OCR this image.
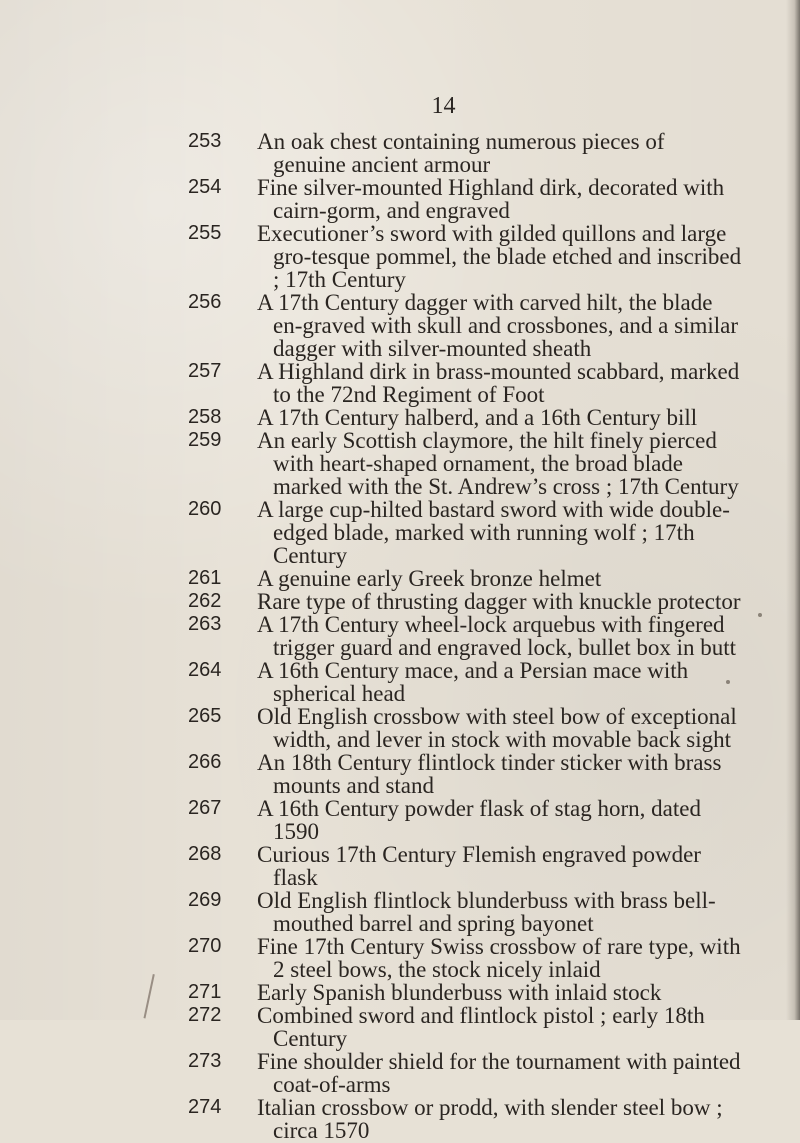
14
253	An oak chest containing numerous pieces of genuine ancient armour
254	Fine silver-mounted Highland dirk, decorated with cairn-gorm, and engraved
255	Executioner’s sword with gilded quillons and large gro-tesque pommel, the blade etched and inscribed ; 17th Century
256	A 17th Century dagger with carved hilt, the blade en-graved with skull and crossbones, and a similar dagger with silver-mounted sheath
257	A Highland dirk in brass-mounted scabbard, marked to the 72nd Regiment of Foot
258	A 17th Century halberd, and a 16th Century bill
259	An early Scottish claymore, the hilt finely pierced with heart-shaped ornament, the broad blade marked with the St. Andrew’s cross ; 17th Century
260	A large cup-hilted bastard sword with wide double-edged blade, marked with running wolf ; 17th Century
261	A genuine early Greek bronze helmet
262	Rare type of thrusting dagger with knuckle protector
263	A 17th Century wheel-lock arquebus with fingered trigger guard and engraved lock, bullet box in butt
264	A 16th Century mace, and a Persian mace with spherical head
265	Old English crossbow with steel bow of exceptional width, and lever in stock with movable back sight
266	An 18th Century flintlock tinder sticker with brass mounts and stand
267	A 16th Century powder flask of stag horn, dated 1590
268	Curious 17th Century Flemish engraved powder flask
269	Old English flintlock blunderbuss with brass bell-mouthed barrel and spring bayonet
270	Fine 17th Century Swiss crossbow of rare type, with 2 steel bows, the stock nicely inlaid
271	Early Spanish blunderbuss with inlaid stock
272	Combined sword and flintlock pistol ; early 18th Century
273	Fine shoulder shield for the tournament with painted coat-of-arms
274	Italian crossbow or prodd, with slender steel bow ; circa 1570
